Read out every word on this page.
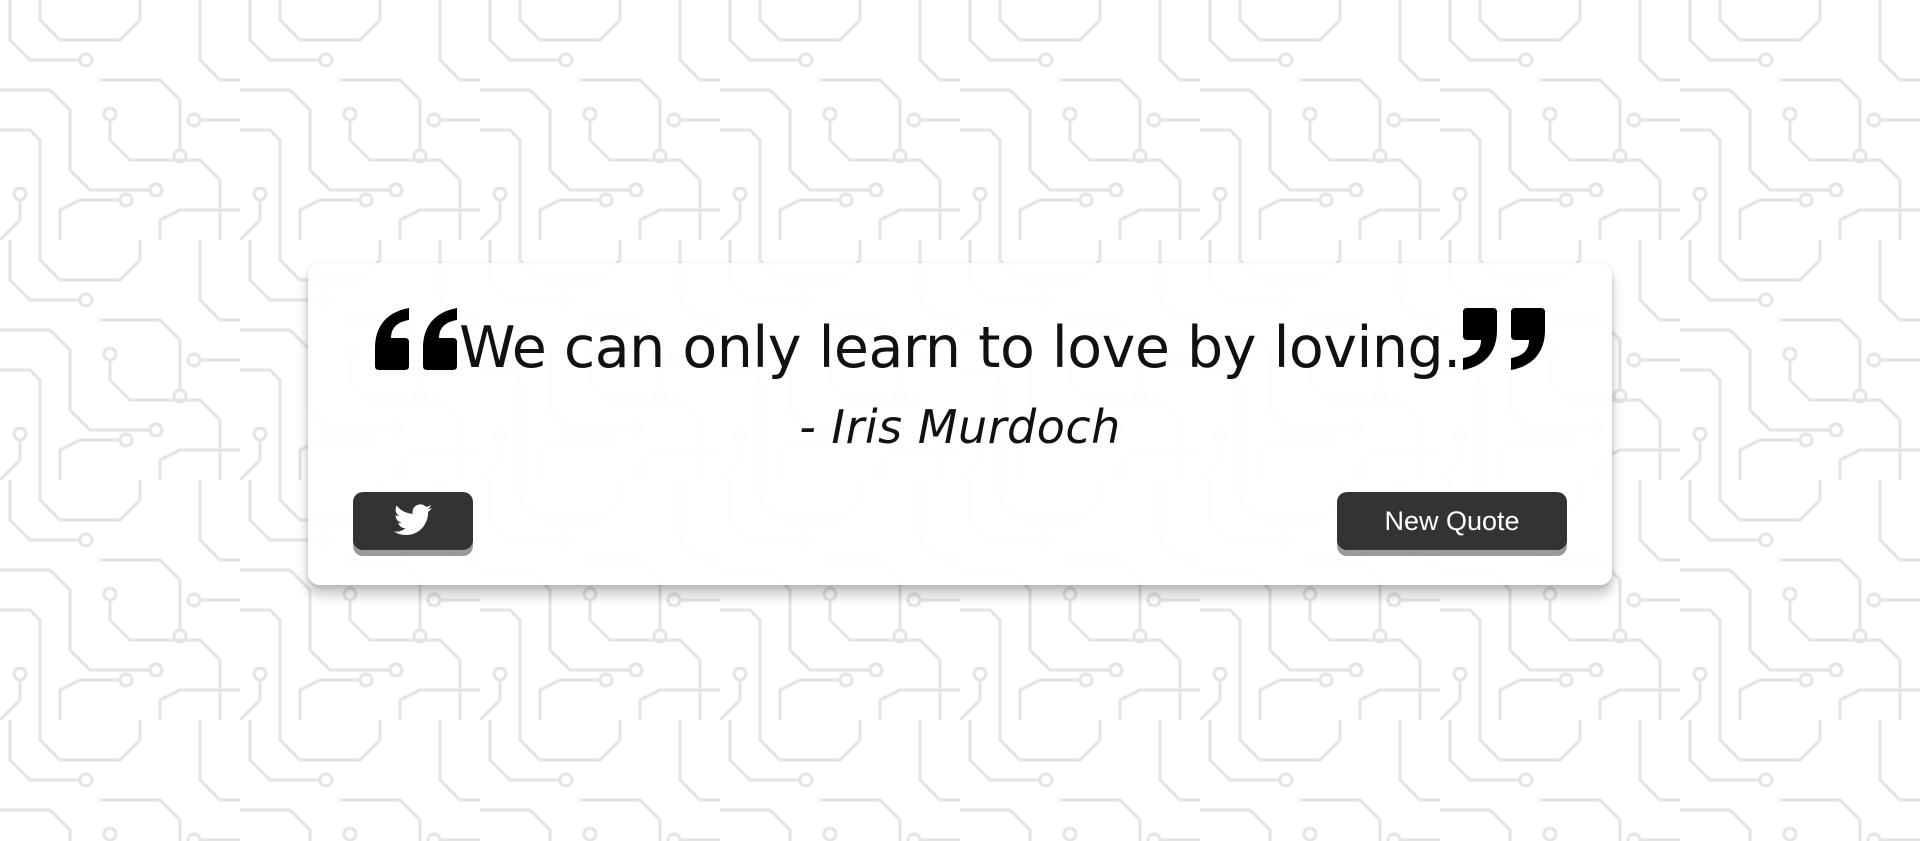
We can only learn to love by loving.
- Iris Murdoch
New Quote
